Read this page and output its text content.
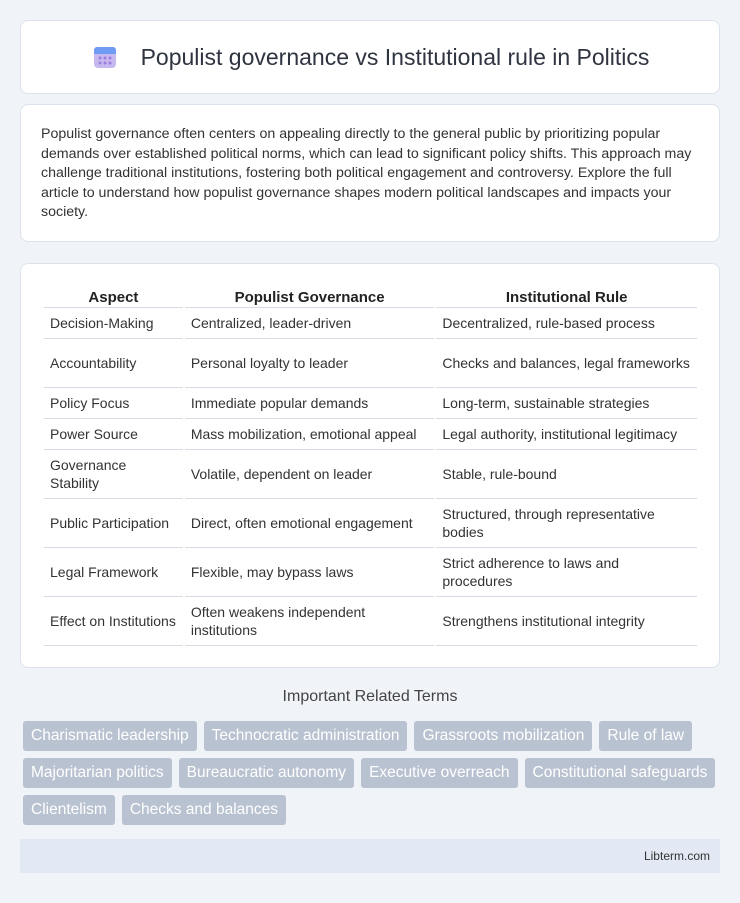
Populist governance vs Institutional rule in Politics

Populist governance often centers on appealing directly to the general public by prioritizing popular demands over established political norms, which can lead to significant policy shifts. This approach may challenge traditional institutions, fostering both political engagement and controversy. Explore the full article to understand how populist governance shapes modern political landscapes and impacts your society.

Aspect	Populist Governance	Institutional Rule
Decision-Making	Centralized, leader-driven	Decentralized, rule-based process
Accountability	Personal loyalty to leader	Checks and balances, legal frameworks
Policy Focus	Immediate popular demands	Long-term, sustainable strategies
Power Source	Mass mobilization, emotional appeal	Legal authority, institutional legitimacy
Governance Stability	Volatile, dependent on leader	Stable, rule-bound
Public Participation	Direct, often emotional engagement	Structured, through representative bodies
Legal Framework	Flexible, may bypass laws	Strict adherence to laws and procedures
Effect on Institutions	Often weakens independent institutions	Strengthens institutional integrity
Important Related Terms
Charismatic leadership	Technocratic administration	Grassroots mobilization	Rule of law
Majoritarian politics	Bureaucratic autonomy	Executive overreach	Constitutional safeguards
Clientelism	Checks and balances
Libterm.com
